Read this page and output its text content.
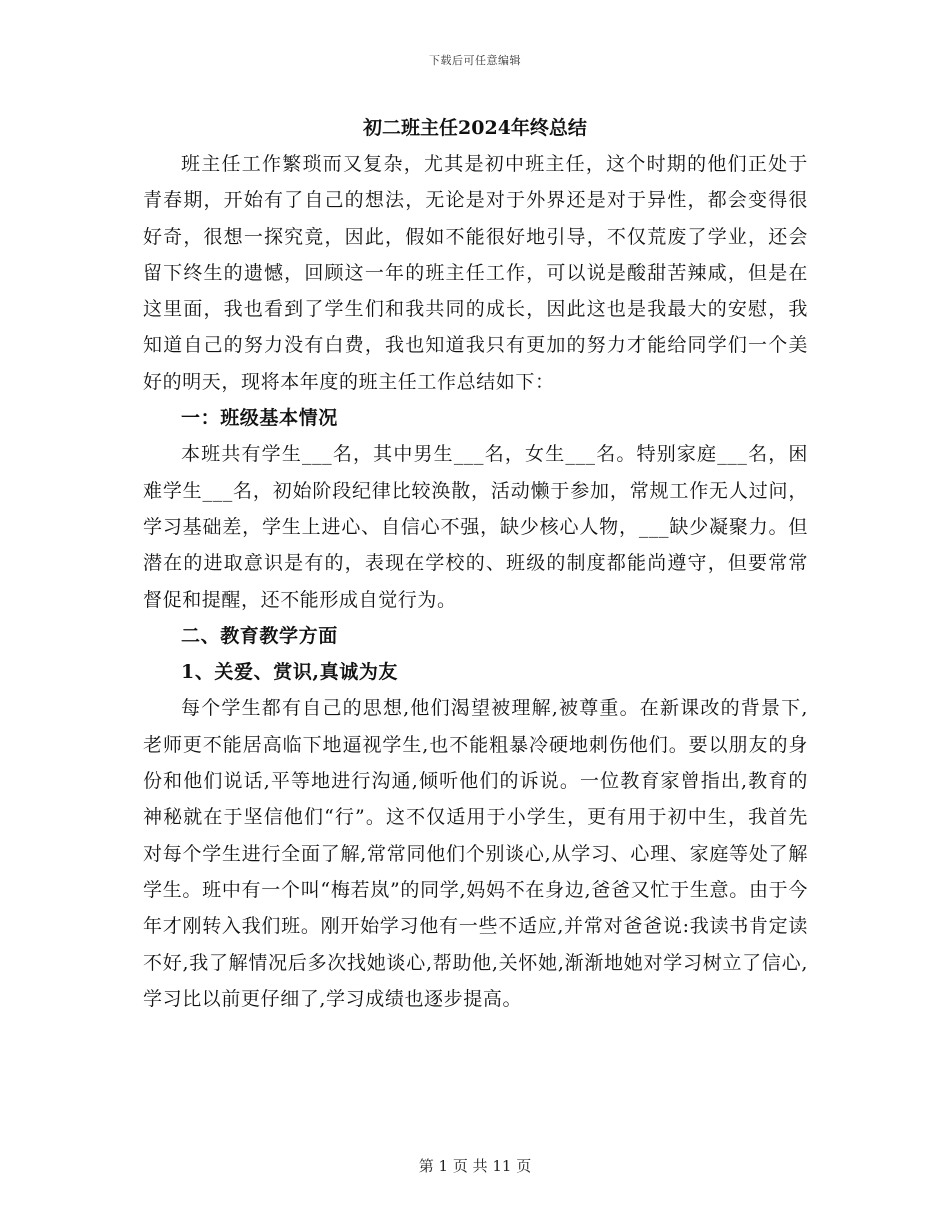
下载后可任意编辑
初二班主任2024年终总结

班主任工作繁琐而又复杂，尤其是初中班主任，这个时期的他们正处于青春期，开始有了自己的想法，无论是对于外界还是对于异性，都会变得很好奇，很想一探究竟，因此，假如不能很好地引导，不仅荒废了学业，还会留下终生的遗憾，回顾这一年的班主任工作，可以说是酸甜苦辣咸，但是在这里面，我也看到了学生们和我共同的成长，因此这也是我最大的安慰，我知道自己的努力没有白费，我也知道我只有更加的努力才能给同学们一个美好的明天，现将本年度的班主任工作总结如下：

一：班级基本情况

本班共有学生___名，其中男生___名，女生___名。特别家庭___名，困难学生___名，初始阶段纪律比较涣散，活动懒于参加，常规工作无人过问，学习基础差，学生上进心、自信心不强，缺少核心人物，___缺少凝聚力。但潜在的进取意识是有的，表现在学校的、班级的制度都能尚遵守，但要常常督促和提醒，还不能形成自觉行为。

二、教育教学方面
1、关爱、赏识,真诚为友

每个学生都有自己的思想,他们渴望被理解,被尊重。在新课改的背景下,老师更不能居高临下地逼视学生,也不能粗暴冷硬地刺伤他们。要以朋友的身份和他们说话,平等地进行沟通,倾听他们的诉说。一位教育家曾指出,教育的神秘就在于坚信他们“行”。这不仅适用于小学生，更有用于初中生，我首先对每个学生进行全面了解,常常同他们个别谈心,从学习、心理、家庭等处了解学生。班中有一个叫“梅若岚”的同学,妈妈不在身边,爸爸又忙于生意。由于今年才刚转入我们班。刚开始学习他有一些不适应,并常对爸爸说:我读书肯定读不好,我了解情况后多次找她谈心,帮助他,关怀她,渐渐地她对学习树立了信心,学习比以前更仔细了,学习成绩也逐步提高。

第 1 页 共 11 页
